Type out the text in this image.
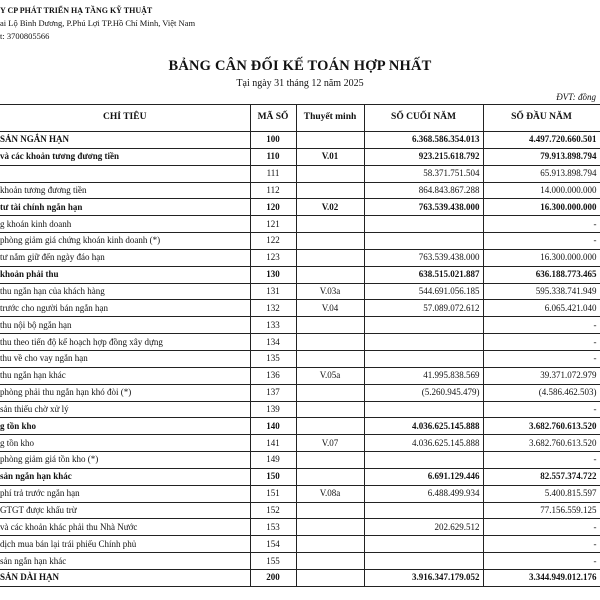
Y CP PHÁT TRIỂN HẠ TẦNG KỸ THUẬT
ai Lộ Bình Dương, P.Phú Lợi TP.Hồ Chí Minh, Việt Nam
t: 3700805566
BẢNG CÂN ĐỐI KẾ TOÁN HỢP NHẤT
Tại ngày 31 tháng 12 năm 2025
ĐVT: đồng
CHỈ TIÊU	MÃ SỐ	Thuyết minh	SỐ CUỐI NĂM	SỐ ĐẦU NĂM
SẢN NGẮN HẠN	100		6.368.586.354.013	4.497.720.660.501
và các khoản tương đương tiền	110	V.01	923.215.618.792	79.913.898.794
	111		58.371.751.504	65.913.898.794
khoản tương đương tiền	112		864.843.867.288	14.000.000.000
tư tài chính ngắn hạn	120	V.02	763.539.438.000	16.300.000.000
g khoán kinh doanh	121			-
phòng giảm giá chứng khoán kinh doanh (*)	122			-
tư nắm giữ đến ngày đáo hạn	123		763.539.438.000	16.300.000.000
khoản phải thu	130		638.515.021.887	636.188.773.465
thu ngắn hạn của khách hàng	131	V.03a	544.691.056.185	595.338.741.949
trước cho người bán ngắn hạn	132	V.04	57.089.072.612	6.065.421.040
thu nội bộ ngắn hạn	133			-
thu theo tiến độ kế hoạch hợp đồng xây dựng	134			-
thu về cho vay ngắn hạn	135			-
thu ngắn hạn khác	136	V.05a	41.995.838.569	39.371.072.979
phòng phải thu ngắn hạn khó đòi (*)	137		(5.260.945.479)	(4.586.462.503)
sản thiếu chờ xử lý	139			-
g tồn kho	140		4.036.625.145.888	3.682.760.613.520
g tồn kho	141	V.07	4.036.625.145.888	3.682.760.613.520
phòng giảm giá tồn kho (*)	149			-
sản ngắn hạn khác	150		6.691.129.446	82.557.374.722
phí trả trước ngắn hạn	151	V.08a	6.488.499.934	5.400.815.597
GTGT được khấu trừ	152			77.156.559.125
và các khoản khác phải thu Nhà Nước	153		202.629.512	-
dịch mua bán lại trái phiếu Chính phủ	154			-
sản ngắn hạn khác	155			-
SẢN DÀI HẠN	200		3.916.347.179.052	3.344.949.012.176
